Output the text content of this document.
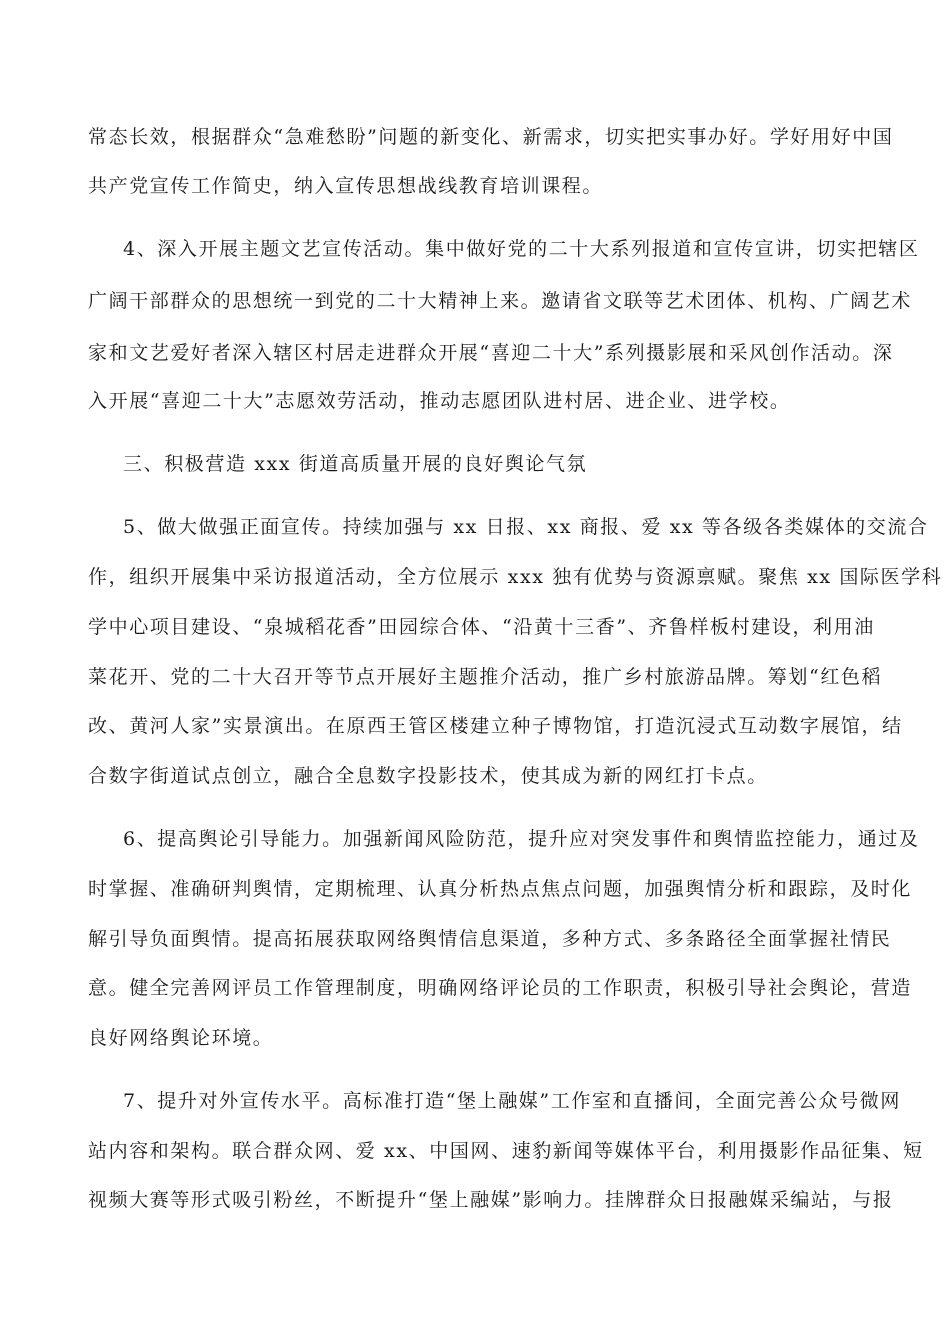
常态长效，根据群众“急难愁盼”问题的新变化、新需求，切实把实事办好。学好用好中国
共产党宣传工作简史，纳入宣传思想战线教育培训课程。
4、深入开展主题文艺宣传活动。集中做好党的二十大系列报道和宣传宣讲，切实把辖区
广阔干部群众的思想统一到党的二十大精神上来。邀请省文联等艺术团体、机构、广阔艺术
家和文艺爱好者深入辖区村居走进群众开展“喜迎二十大”系列摄影展和采风创作活动。深
入开展“喜迎二十大”志愿效劳活动，推动志愿团队进村居、进企业、进学校。
三、积极营造 xxx 街道高质量开展的良好舆论气氛
5、做大做强正面宣传。持续加强与 xx 日报、xx 商报、爱 xx 等各级各类媒体的交流合
作，组织开展集中采访报道活动，全方位展示 xxx 独有优势与资源禀赋。聚焦 xx 国际医学科
学中心项目建设、“泉城稻花香”田园综合体、“沿黄十三香”、齐鲁样板村建设，利用油
菜花开、党的二十大召开等节点开展好主题推介活动，推广乡村旅游品牌。筹划“红色稻
改、黄河人家”实景演出。在原西王管区楼建立种子博物馆，打造沉浸式互动数字展馆，结
合数字街道试点创立，融合全息数字投影技术，使其成为新的网红打卡点。
6、提高舆论引导能力。加强新闻风险防范，提升应对突发事件和舆情监控能力，通过及
时掌握、准确研判舆情，定期梳理、认真分析热点焦点问题，加强舆情分析和跟踪，及时化
解引导负面舆情。提高拓展获取网络舆情信息渠道，多种方式、多条路径全面掌握社情民
意。健全完善网评员工作管理制度，明确网络评论员的工作职责，积极引导社会舆论，营造
良好网络舆论环境。
7、提升对外宣传水平。高标准打造“堡上融媒”工作室和直播间，全面完善公众号微网
站内容和架构。联合群众网、爱 xx、中国网、速豹新闻等媒体平台，利用摄影作品征集、短
视频大赛等形式吸引粉丝，不断提升“堡上融媒”影响力。挂牌群众日报融媒采编站，与报
